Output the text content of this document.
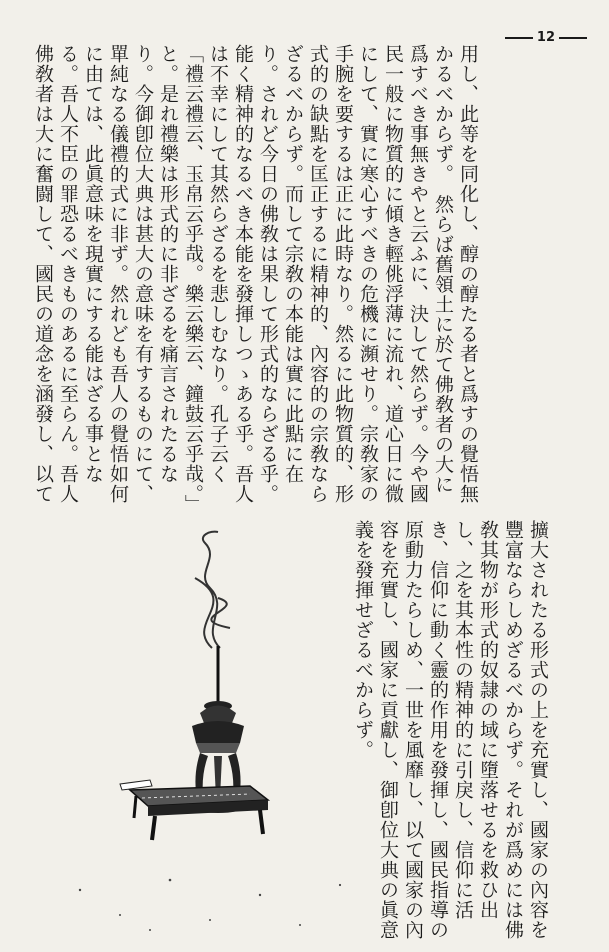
12

用し、此等を同化し、醇の醇たる者と爲すの覺悟無かるべからず。　然らば舊領土に於て佛敎者の大に爲すべき事無きやと云ふに、決して然らず。今や國民一般に物質的に傾き輕佻浮薄に流れ、道心日に微にして、實に寒心すべきの危機に瀕せり。宗敎家の手腕を要するは正に此時なり。然るに此物質的、形式的の缺點を匡正するに精神的、內容的の宗敎ならざるべからず。而して宗敎の本能は實に此點に在り。されど今日の佛敎は果して形式的ならざる乎。能く精神的なるべき本能を發揮しつゝある乎。吾人は不幸にして其然らざるを悲しむなり。孔子云く「禮云禮云、玉帛云乎哉。樂云樂云、鐘鼓云乎哉。」と。是れ禮樂は形式的に非ざるを痛言されたるなり。今御卽位大典は甚大の意味を有するものにて、單純なる儀禮的式に非ず。然れども吾人の覺悟如何に由ては、此眞意味を現實にする能はざる事となる。吾人不臣の罪恐るべきものあるに至らん。吾人佛敎者は大に奮闘して、國民の道念を涵發し、以て

擴大されたる形式の上を充實し、國家の內容を豐富ならしめざるべからず。それが爲めには佛敎其物が形式的奴隷の域に墮落せるを救ひ出し、之を其本性の精神的に引戾し、信仰に活き、信仰に動く靈的作用を發揮し、國民指導の原動力たらしめ、一世を風靡し、以て國家の內容を充實し、國家に貢獻し、御卽位大典の眞意義を發揮せざるべからず。
